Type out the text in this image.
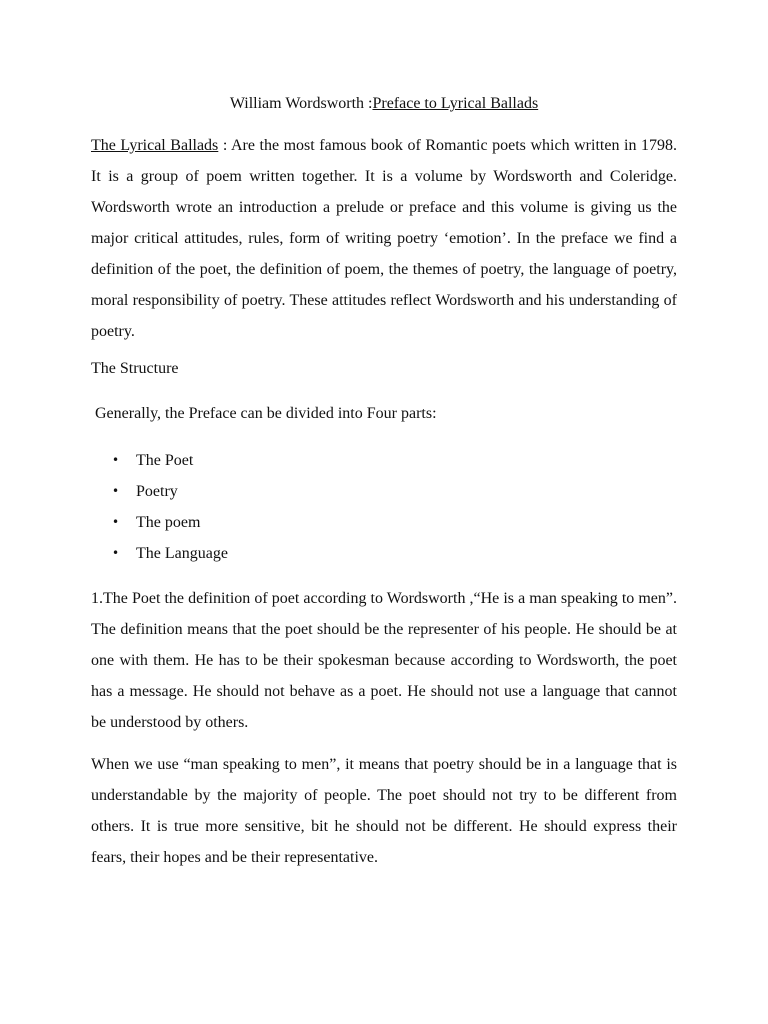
William Wordsworth :Preface to Lyrical Ballads

The Lyrical Ballads : Are the most famous book of Romantic poets which written in 1798. It is a group of poem written together. It is a volume by Wordsworth and Coleridge. Wordsworth wrote an introduction a prelude or preface and this volume is giving us the major critical attitudes, rules, form of writing poetry ‘emotion’. In the preface we find a definition of the poet, the definition of poem, the themes of poetry, the language of poetry, moral responsibility of poetry. These attitudes reflect Wordsworth and his understanding of poetry.

The Structure

Generally, the Preface can be divided into Four parts:

• The Poet
• Poetry
• The poem
• The Language

1.The Poet the definition of poet according to Wordsworth ,“He is a man speaking to men”. The definition means that the poet should be the representer of his people. He should be at one with them. He has to be their spokesman because according to Wordsworth, the poet has a message. He should not behave as a poet. He should not use a language that cannot be understood by others.

When we use “man speaking to men”, it means that poetry should be in a language that is understandable by the majority of people. The poet should not try to be different from others. It is true more sensitive, bit he should not be different. He should express their fears, their hopes and be their representative.
